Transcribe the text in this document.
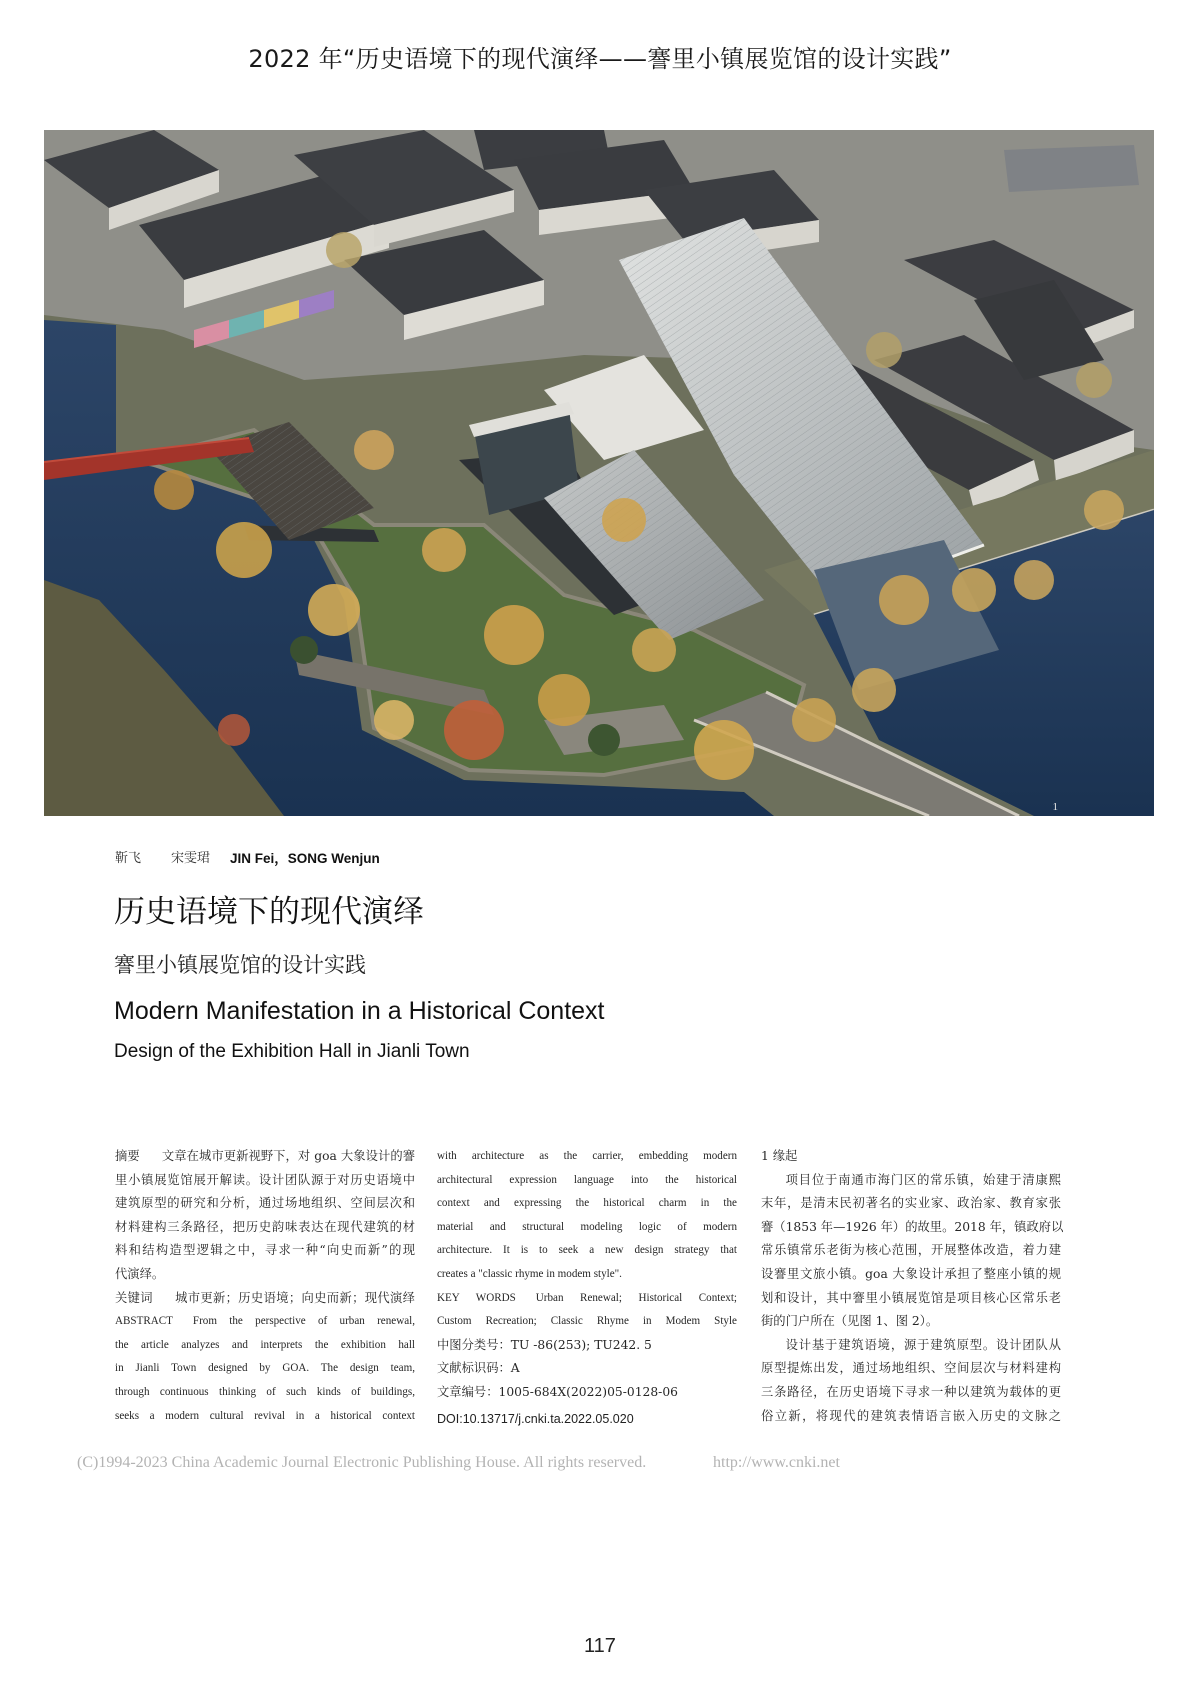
2022 年“历史语境下的现代演绎——謇里小镇展览馆的设计实践”
1
靳飞 宋雯珺 JIN Fei，SONG Wenjun
历史语境下的现代演绎
謇里小镇展览馆的设计实践
Modern Manifestation in a Historical Context
Design of the Exhibition Hall in Jianli Town
摘要 文章在城市更新视野下，对 goa 大象设计的謇
里小镇展览馆展开解读。设计团队源于对历史语境中
建筑原型的研究和分析，通过场地组织、空间层次和
材料建构三条路径，把历史韵味表达在现代建筑的材
料和结构造型逻辑之中，寻求一种“向史而新”的现
代演绎。
关键词 城市更新；历史语境；向史而新；现代演绎
ABSTRACT From the perspective of urban renewal,
the article analyzes and interprets the exhibition hall
in Jianli Town designed by GOA. The design team,
through continuous thinking of such kinds of buildings,
seeks a modern cultural revival in a historical context
with architecture as the carrier, embedding modern
architectural expression language into the historical
context and expressing the historical charm in the
material and structural modeling logic of modern
architecture. It is to seek a new design strategy that
creates a "classic rhyme in modem style".
KEY WORDS Urban Renewal; Historical Context;
Custom Recreation; Classic Rhyme in Modem Style
中图分类号：TU -86(253); TU242. 5
文献标识码：A
文章编号：1005-684X(2022)05-0128-06
DOI:10.13717/j.cnki.ta.2022.05.020
1 缘起
项目位于南通市海门区的常乐镇，始建于清康熙
末年，是清末民初著名的实业家、政治家、教育家张
謇（1853 年—1926 年）的故里。2018 年，镇政府以
常乐镇常乐老街为核心范围，开展整体改造，着力建
设謇里文旅小镇。goa 大象设计承担了整座小镇的规
划和设计，其中謇里小镇展览馆是项目核心区常乐老
街的门户所在（见图 1、图 2）。
设计基于建筑语境，源于建筑原型。设计团队从
原型提炼出发，通过场地组织、空间层次与材料建构
三条路径，在历史语境下寻求一种以建筑为载体的更
俗立新，将现代的建筑表情语言嵌入历史的文脉之
(C)1994-2023 China Academic Journal Electronic Publishing House. All rights reserved.	http://www.cnki.net
117
